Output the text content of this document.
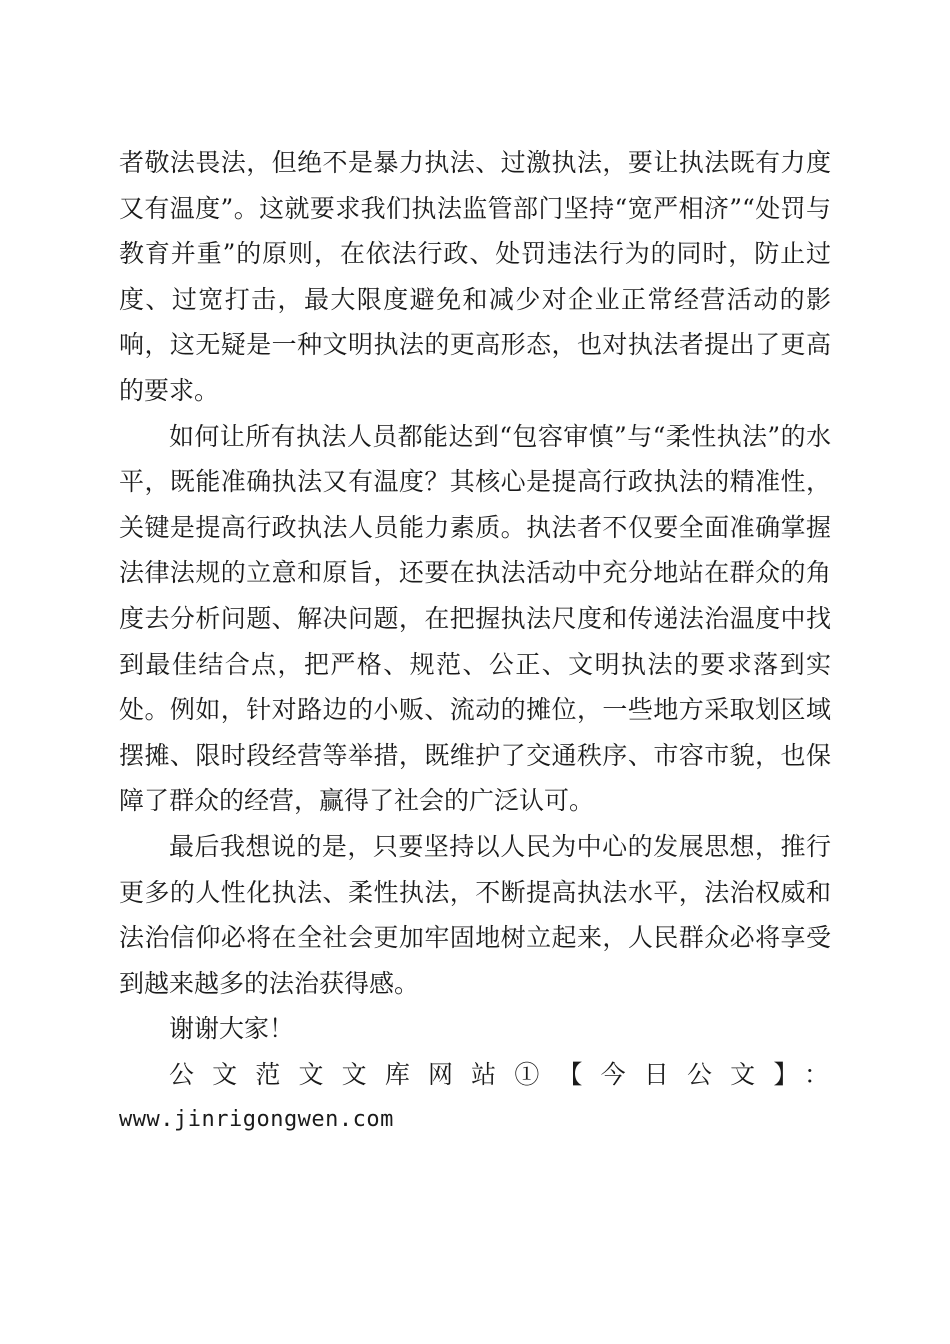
者敬法畏法，但绝不是暴力执法、过激执法，要让执法既有力度又有温度”。这就要求我们执法监管部门坚持“宽严相济”“处罚与教育并重”的原则，在依法行政、处罚违法行为的同时，防止过度、过宽打击，最大限度避免和减少对企业正常经营活动的影响，这无疑是一种文明执法的更高形态，也对执法者提出了更高的要求。

如何让所有执法人员都能达到“包容审慎”与“柔性执法”的水平，既能准确执法又有温度？其核心是提高行政执法的精准性，关键是提高行政执法人员能力素质。执法者不仅要全面准确掌握法律法规的立意和原旨，还要在执法活动中充分地站在群众的角度去分析问题、解决问题，在把握执法尺度和传递法治温度中找到最佳结合点，把严格、规范、公正、文明执法的要求落到实处。例如，针对路边的小贩、流动的摊位，一些地方采取划区域摆摊、限时段经营等举措，既维护了交通秩序、市容市貌，也保障了群众的经营，赢得了社会的广泛认可。

最后我想说的是，只要坚持以人民为中心的发展思想，推行更多的人性化执法、柔性执法，不断提高执法水平，法治权威和法治信仰必将在全社会更加牢固地树立起来，人民群众必将享受到越来越多的法治获得感。

谢谢大家！

公文范文文库网站①【今日公文】：

www.jinrigongwen.com
